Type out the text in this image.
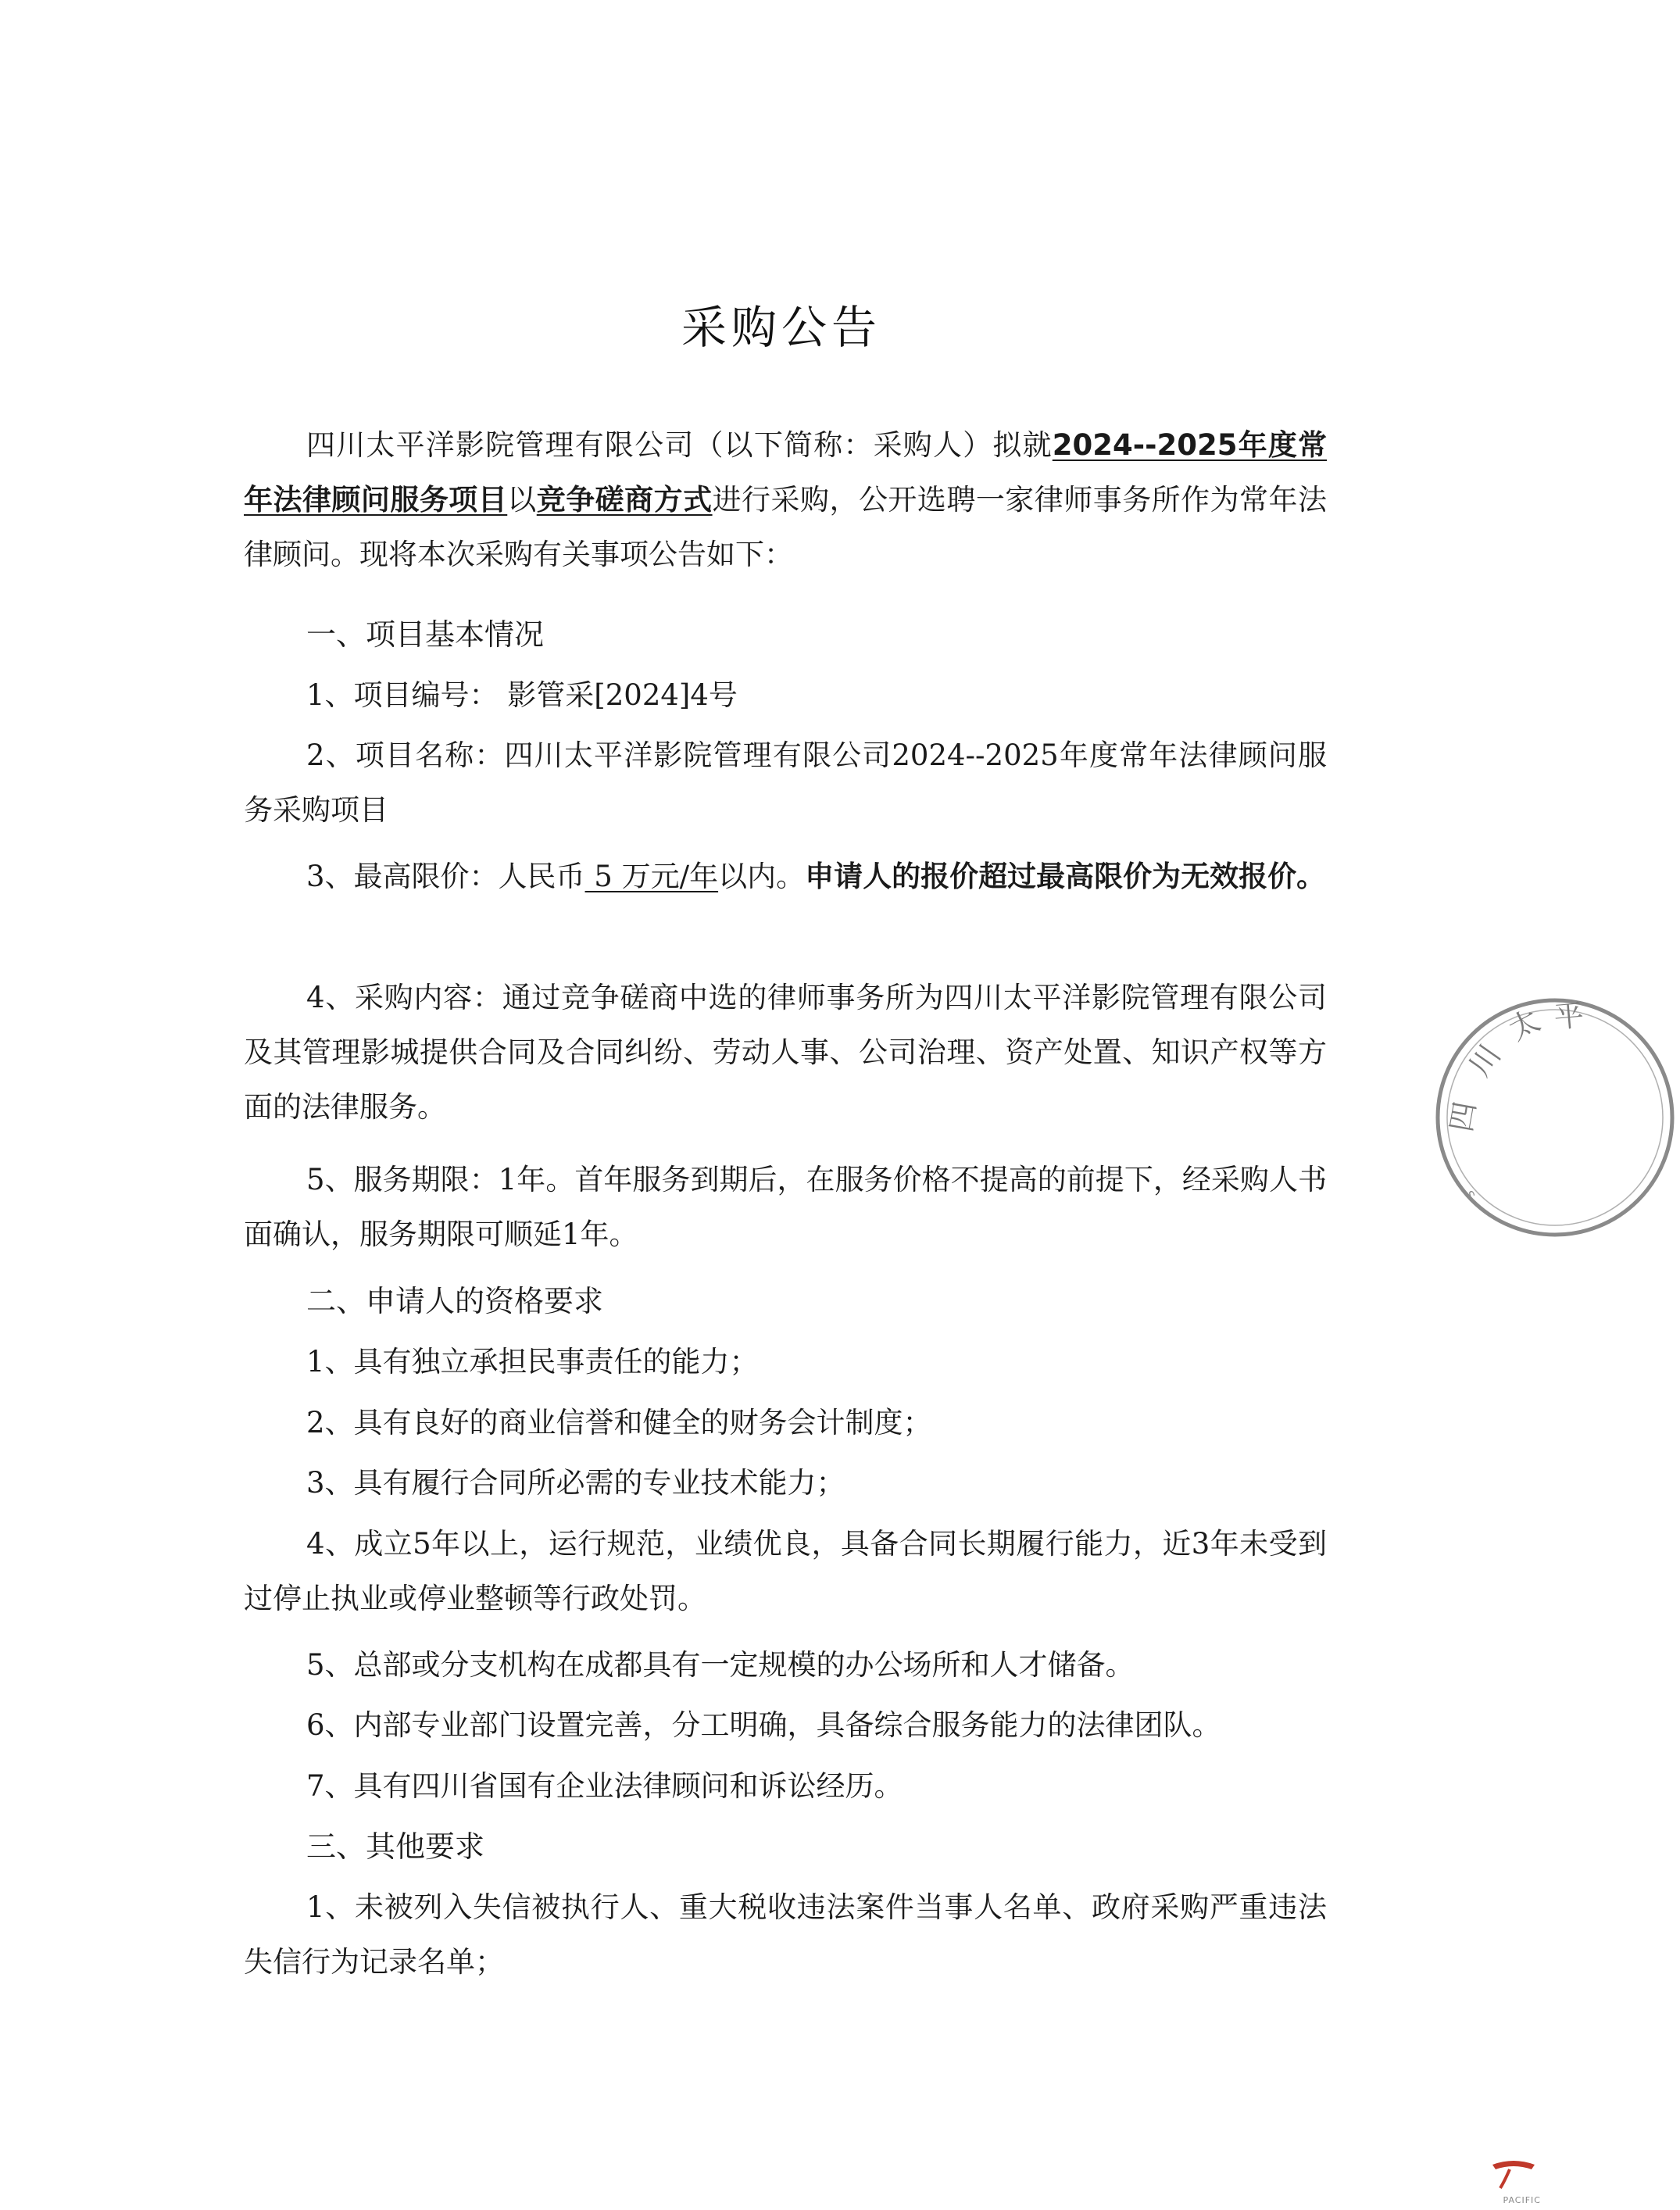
采购公告
四川太平洋影院管理有限公司（以下简称：采购人）拟就2024--2025年度常年法律顾问服务项目以竞争磋商方式进行采购，公开选聘一家律师事务所作为常年法律顾问。现将本次采购有关事项公告如下：
一、项目基本情况
1、项目编号： 影管采[2024]4号
2、项目名称：四川太平洋影院管理有限公司2024--2025年度常年法律顾问服务采购项目
3、最高限价：人民币 5 万元/年以内。申请人的报价超过最高限价为无效报价。
4、采购内容：通过竞争磋商中选的律师事务所为四川太平洋影院管理有限公司及其管理影城提供合同及合同纠纷、劳动人事、公司治理、资产处置、知识产权等方面的法律服务。
5、服务期限：1年。首年服务到期后，在服务价格不提高的前提下，经采购人书面确认，服务期限可顺延1年。
二、申请人的资格要求
1、具有独立承担民事责任的能力；
2、具有良好的商业信誉和健全的财务会计制度；
3、具有履行合同所必需的专业技术能力；
4、成立5年以上，运行规范，业绩优良，具备合同长期履行能力，近3年未受到过停止执业或停业整顿等行政处罚。
5、总部或分支机构在成都具有一定规模的办公场所和人才储备。
6、内部专业部门设置完善，分工明确，具备综合服务能力的法律团队。
7、具有四川省国有企业法律顾问和诉讼经历。
三、其他要求
1、未被列入失信被执行人、重大税收违法案件当事人名单、政府采购严重违法失信行为记录名单；
四
川
太 平
S
PACIFIC
